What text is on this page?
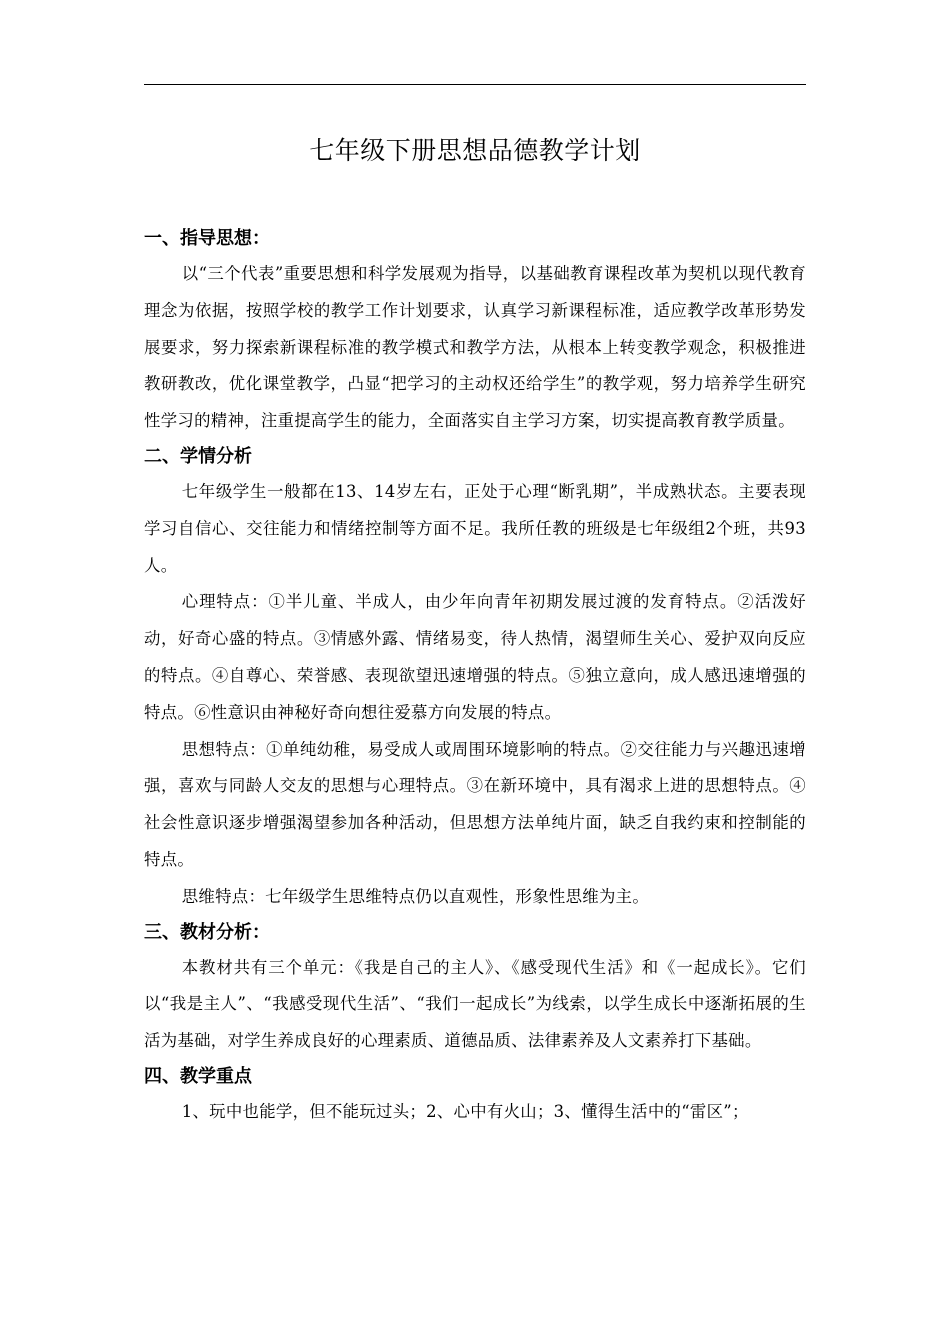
七年级下册思想品德教学计划
一、指导思想：

以“三个代表”重要思想和科学发展观为指导，以基础教育课程改革为契机以现代教育理念为依据，按照学校的教学工作计划要求，认真学习新课程标准，适应教学改革形势发展要求，努力探索新课程标准的教学模式和教学方法，从根本上转变教学观念，积极推进教研教改，优化课堂教学，凸显“把学习的主动权还给学生”的教学观，努力培养学生研究性学习的精神，注重提高学生的能力，全面落实自主学习方案，切实提高教育教学质量。

二、学情分析

七年级学生一般都在13、14岁左右，正处于心理“断乳期”，半成熟状态。主要表现学习自信心、交往能力和情绪控制等方面不足。我所任教的班级是七年级组2个班，共93人。

心理特点：①半儿童、半成人，由少年向青年初期发展过渡的发育特点。②活泼好动，好奇心盛的特点。③情感外露、情绪易变，待人热情，渴望师生关心、爱护双向反应的特点。④自尊心、荣誉感、表现欲望迅速增强的特点。⑤独立意向，成人感迅速增强的特点。⑥性意识由神秘好奇向想往爱慕方向发展的特点。

思想特点：①单纯幼稚，易受成人或周围环境影响的特点。②交往能力与兴趣迅速增强，喜欢与同龄人交友的思想与心理特点。③在新环境中，具有渴求上进的思想特点。④社会性意识逐步增强渴望参加各种活动，但思想方法单纯片面，缺乏自我约束和控制能的特点。

思维特点：七年级学生思维特点仍以直观性，形象性思维为主。

三、教材分析：

本教材共有三个单元：《我是自己的主人》、《感受现代生活》和《一起成长》。它们以“我是主人”、“我感受现代生活”、“我们一起成长”为线索，以学生成长中逐渐拓展的生活为基础，对学生养成良好的心理素质、道德品质、法律素养及人文素养打下基础。

四、教学重点

1、玩中也能学，但不能玩过头；2、心中有火山；3、懂得生活中的“雷区”；
